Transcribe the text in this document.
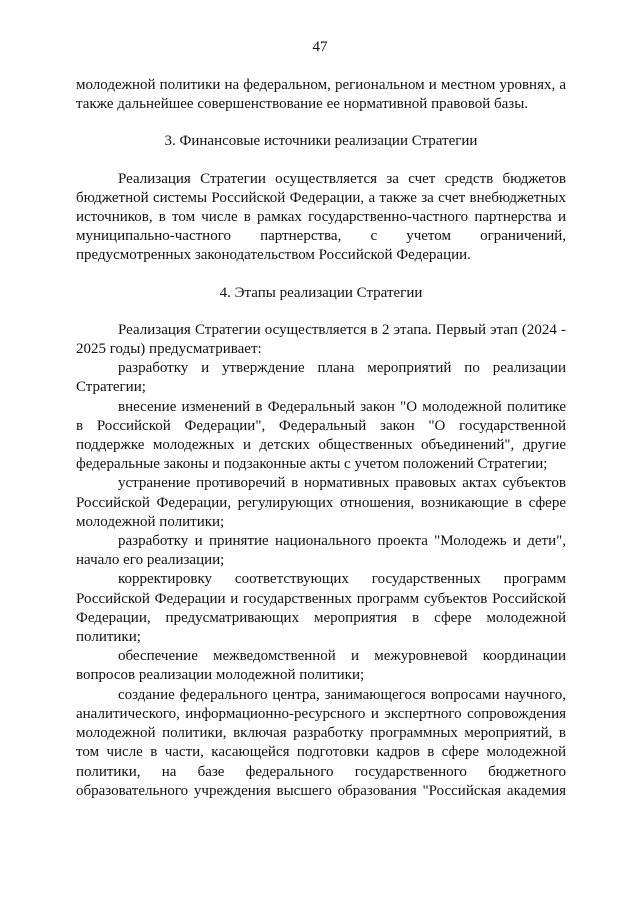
47

молодежной политики на федеральном, региональном и местном уровнях, а также дальнейшее совершенствование ее нормативной правовой базы.

3. Финансовые источники реализации Стратегии

Реализация Стратегии осуществляется за счет средств бюджетов бюджетной системы Российской Федерации, а также за счет внебюджетных источников, в том числе в рамках государственно-частного партнерства и муниципально-частного партнерства, с учетом ограничений, предусмотренных законодательством Российской Федерации.

4. Этапы реализации Стратегии

Реализация Стратегии осуществляется в 2 этапа. Первый этап (2024 - 2025 годы) предусматривает:

разработку и утверждение плана мероприятий по реализации Стратегии;

внесение изменений в Федеральный закон "О молодежной политике в Российской Федерации", Федеральный закон "О государственной поддержке молодежных и детских общественных объединений", другие федеральные законы и подзаконные акты с учетом положений Стратегии;

устранение противоречий в нормативных правовых актах субъектов Российской Федерации, регулирующих отношения, возникающие в сфере молодежной политики;

разработку и принятие национального проекта "Молодежь и дети", начало его реализации;

корректировку соответствующих государственных программ Российской Федерации и государственных программ субъектов Российской Федерации, предусматривающих мероприятия в сфере молодежной политики;

обеспечение межведомственной и межуровневой координации вопросов реализации молодежной политики;

создание федерального центра, занимающегося вопросами научного, аналитического, информационно-ресурсного и экспертного сопровождения молодежной политики, включая разработку программных мероприятий, в том числе в части, касающейся подготовки кадров в сфере молодежной политики, на базе федерального государственного бюджетного образовательного учреждения высшего образования "Российская академия
